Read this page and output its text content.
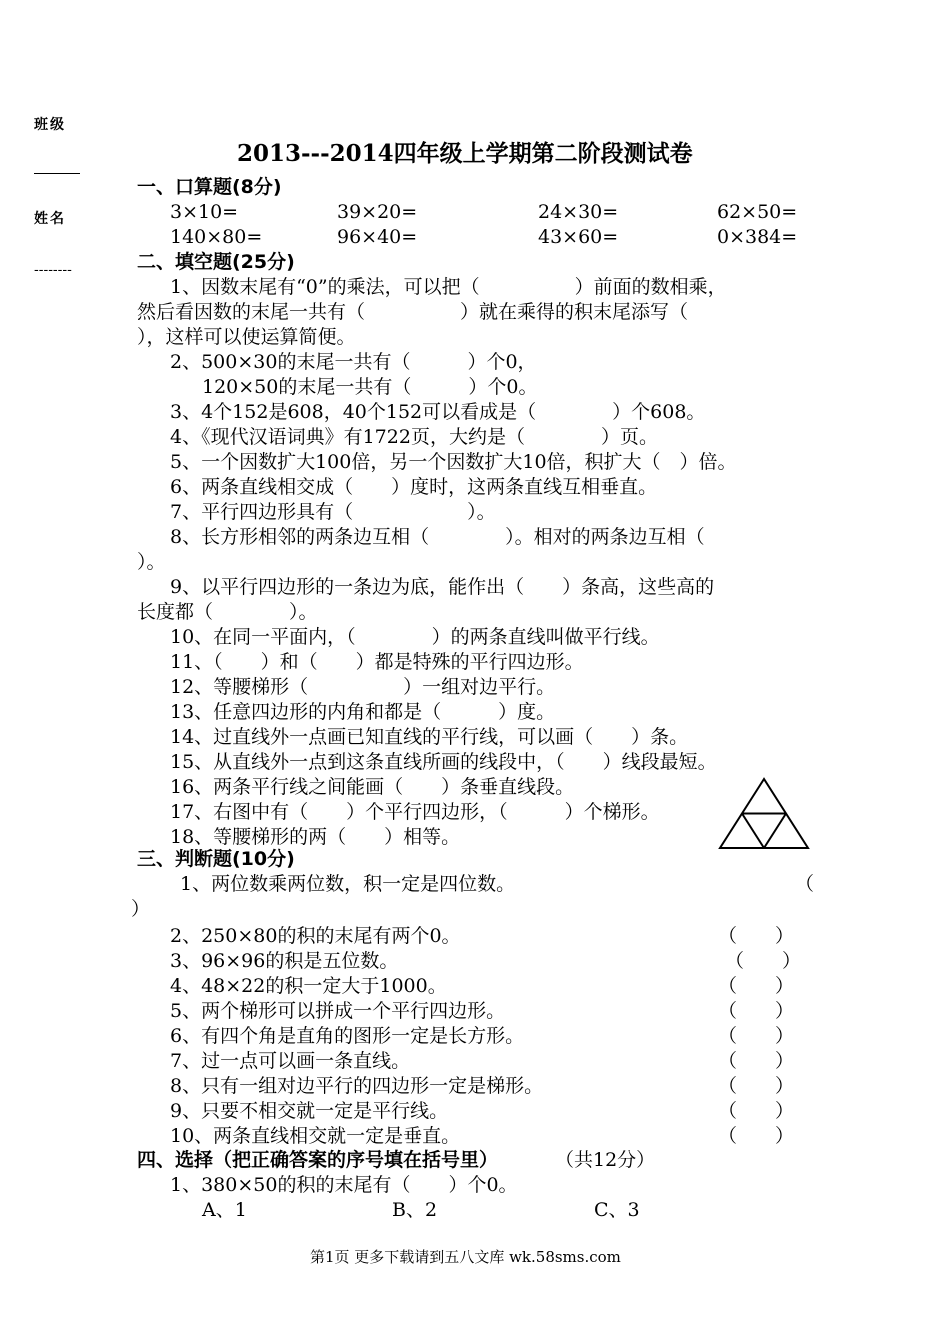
班级
姓名
--------
2013---2014四年级上学期第二阶段测试卷
一、口算题(8分)
3×10=	39×20=	24×30=	62×50=
140×80=	96×40=	43×60=	0×384=
二、填空题(25分)
1、因数末尾有“0”的乘法，可以把（　　　　　）前面的数相乘，
然后看因数的末尾一共有（　　　　　）就在乘得的积末尾添写（
），这样可以使运算简便。
2、500×30的末尾一共有（　　　）个0，
120×50的末尾一共有（　　　）个0。
3、4个152是608，40个152可以看成是（　　　　）个608。
4、《现代汉语词典》有1722页，大约是（　　　　）页。
5、一个因数扩大100倍，另一个因数扩大10倍，积扩大（　）倍。
6、两条直线相交成（　　）度时，这两条直线互相垂直。
7、平行四边形具有（　　　　　　）。
8、长方形相邻的两条边互相（　　　　）。相对的两条边互相（
）。
9、以平行四边形的一条边为底，能作出（　　）条高，这些高的
长度都（　　　　）。
10、在同一平面内，（　　　　）的两条直线叫做平行线。
11、（　　）和（　　）都是特殊的平行四边形。
12、等腰梯形（　　　　　）一组对边平行。
13、任意四边形的内角和都是（　　　）度。
14、过直线外一点画已知直线的平行线，可以画（　　）条。
15、从直线外一点到这条直线所画的线段中，（　　）线段最短。
16、两条平行线之间能画（　　）条垂直线段。
17、右图中有（　　）个平行四边形，（　　　）个梯形。
18、等腰梯形的两（　　）相等。
三、判断题(10分)
1、两位数乘两位数，积一定是四位数。	（
）
2、250×80的积的末尾有两个0。	（　　）
3、96×96的积是五位数。	（　　）
4、48×22的积一定大于1000。	（　　）
5、两个梯形可以拼成一个平行四边形。	（　　）
6、有四个角是直角的图形一定是长方形。	（　　）
7、过一点可以画一条直线。	（　　）
8、只有一组对边平行的四边形一定是梯形。	（　　）
9、只要不相交就一定是平行线。	（　　）
10、两条直线相交就一定是垂直。	（　　）
四、选择（把正确答案的序号填在括号里）	（共12分）
1、380×50的积的末尾有（　　）个0。
A、1	B、2	C、3
第1页 更多下载请到五八文库 wk.58sms.com
